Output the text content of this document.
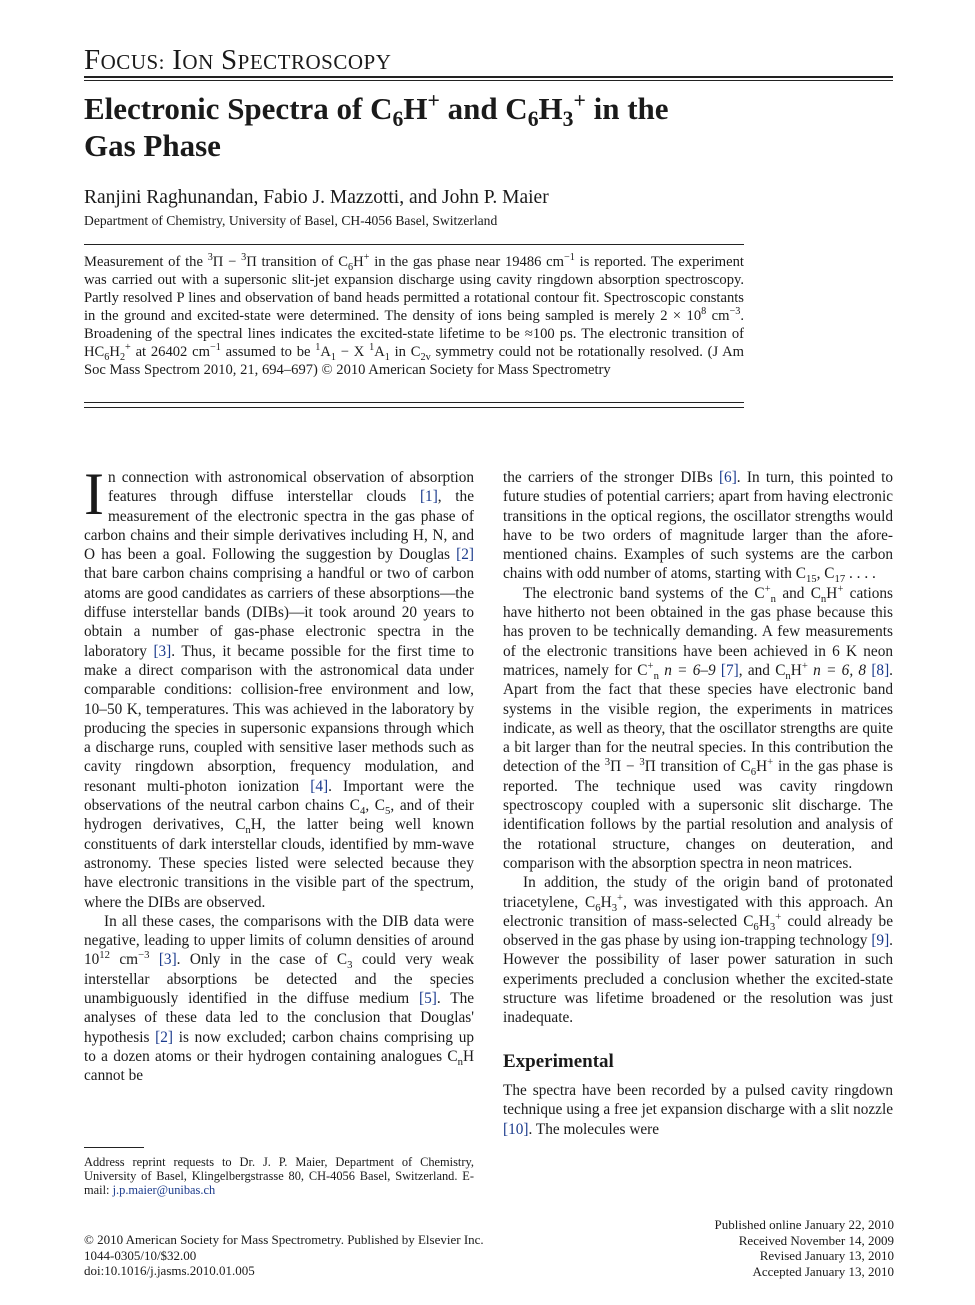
FOCUS: ION SPECTROSCOPY
Electronic Spectra of $C_6H^+$ and $C_6H_3^+$ in the
Gas Phase
Ranjini Raghunandan, Fabio J. Mazzotti, and John P. Maier
Department of Chemistry, University of Basel, CH-4056 Basel, Switzerland
Measurement of the $^3$Π − $^3$Π transition of $C_6H^+$ in the gas phase near 19486 $cm^{-1}$ is reported. The experiment was carried out with a supersonic slit-jet expansion discharge using cavity ringdown absorption spectroscopy. Partly resolved P lines and observation of band heads permitted a rotational contour fit. Spectroscopic constants in the ground and excited-state were determined. The density of ions being sampled is merely $2 \times 10^8$ $cm^{-3}$. Broadening of the spectral lines indicates the excited-state lifetime to be ≈100 ps. The electronic transition of $HC_6H_2^+$ at 26402 $cm^{-1}$ assumed to be $^1A_1 - X$ $^1A_1$ in $C_{2v}$ symmetry could not be rotationally resolved. (J Am Soc Mass Spectrom 2010, 21, 694–697) © 2010 American Society for Mass Spectrometry

In connection with astronomical observation of absorption features through diffuse interstellar clouds [1], the measurement of the electronic spectra in the gas phase of carbon chains and their simple derivatives including H, N, and O has been a goal. Following the suggestion by Douglas [2] that bare carbon chains comprising a handful or two of carbon atoms are good candidates as carriers of these absorptions—the diffuse interstellar bands (DIBs)—it took around 20 years to obtain a number of gas-phase electronic spectra in the laboratory [3]. Thus, it became possible for the first time to make a direct comparison with the astronomical data under comparable conditions: collision-free environment and low, 10–50 K, temperatures. This was achieved in the laboratory by producing the species in supersonic expansions through which a discharge runs, coupled with sensitive laser methods such as cavity ringdown absorption, frequency modulation, and resonant multi-photon ionization [4]. Important were the observations of the neutral carbon chains $C_4$, $C_5$, and of their hydrogen derivatives, $C_nH$, the latter being well known constituents of dark interstellar clouds, identified by mm-wave astronomy. These species listed were selected because they have electronic transitions in the visible part of the spectrum, where the DIBs are observed.

In all these cases, the comparisons with the DIB data were negative, leading to upper limits of column densities of around $10^{12}$ $cm^{-3}$ [3]. Only in the case of $C_3$ could very weak interstellar absorptions be detected and the species unambiguously identified in the diffuse medium [5]. The analyses of these data led to the conclusion that Douglas' hypothesis [2] is now excluded; carbon chains comprising up to a dozen atoms or their hydrogen containing analogues $C_nH$ cannot be

the carriers of the stronger DIBs [6]. In turn, this pointed to future studies of potential carriers; apart from having electronic transitions in the optical regions, the oscillator strengths would have to be two orders of magnitude larger than the afore-mentioned chains. Examples of such systems are the carbon chains with odd number of atoms, starting with $C_{15}$, $C_{17}$ . . . .

The electronic band systems of the $C^+_n$ and $C_nH^+$ cations have hitherto not been obtained in the gas phase because this has proven to be technically demanding. A few measurements of the electronic transitions have been achieved in 6 K neon matrices, namely for $C^+_n$ n = 6–9 [7], and $C_nH^+$ n = 6, 8 [8]. Apart from the fact that these species have electronic band systems in the visible region, the experiments in matrices indicate, as well as theory, that the oscillator strengths are quite a bit larger than for the neutral species. In this contribution the detection of the $^3$Π − $^3$Π transition of $C_6H^+$ in the gas phase is reported. The technique used was cavity ringdown spectroscopy coupled with a supersonic slit discharge. The identification follows by the partial resolution and analysis of the rotational structure, changes on deuteration, and comparison with the absorption spectra in neon matrices.

In addition, the study of the origin band of protonated triacetylene, $C_6H_3^+$, was investigated with this approach. An electronic transition of mass-selected $C_6H_3^+$ could already be observed in the gas phase by using ion-trapping technology [9]. However the possibility of laser power saturation in such experiments precluded a conclusion whether the excited-state structure was lifetime broadened or the resolution was just inadequate.

Experimental

The spectra have been recorded by a pulsed cavity ringdown technique using a free jet expansion discharge with a slit nozzle [10]. The molecules were

Address reprint requests to Dr. J. P. Maier, Department of Chemistry, University of Basel, Klingelbergstrasse 80, CH-4056 Basel, Switzerland. E-mail: j.p.maier@unibas.ch
© 2010 American Society for Mass Spectrometry. Published by Elsevier Inc.
1044-0305/10/$32.00
doi:10.1016/j.jasms.2010.01.005
Published online January 22, 2010
Received November 14, 2009
Revised January 13, 2010
Accepted January 13, 2010
